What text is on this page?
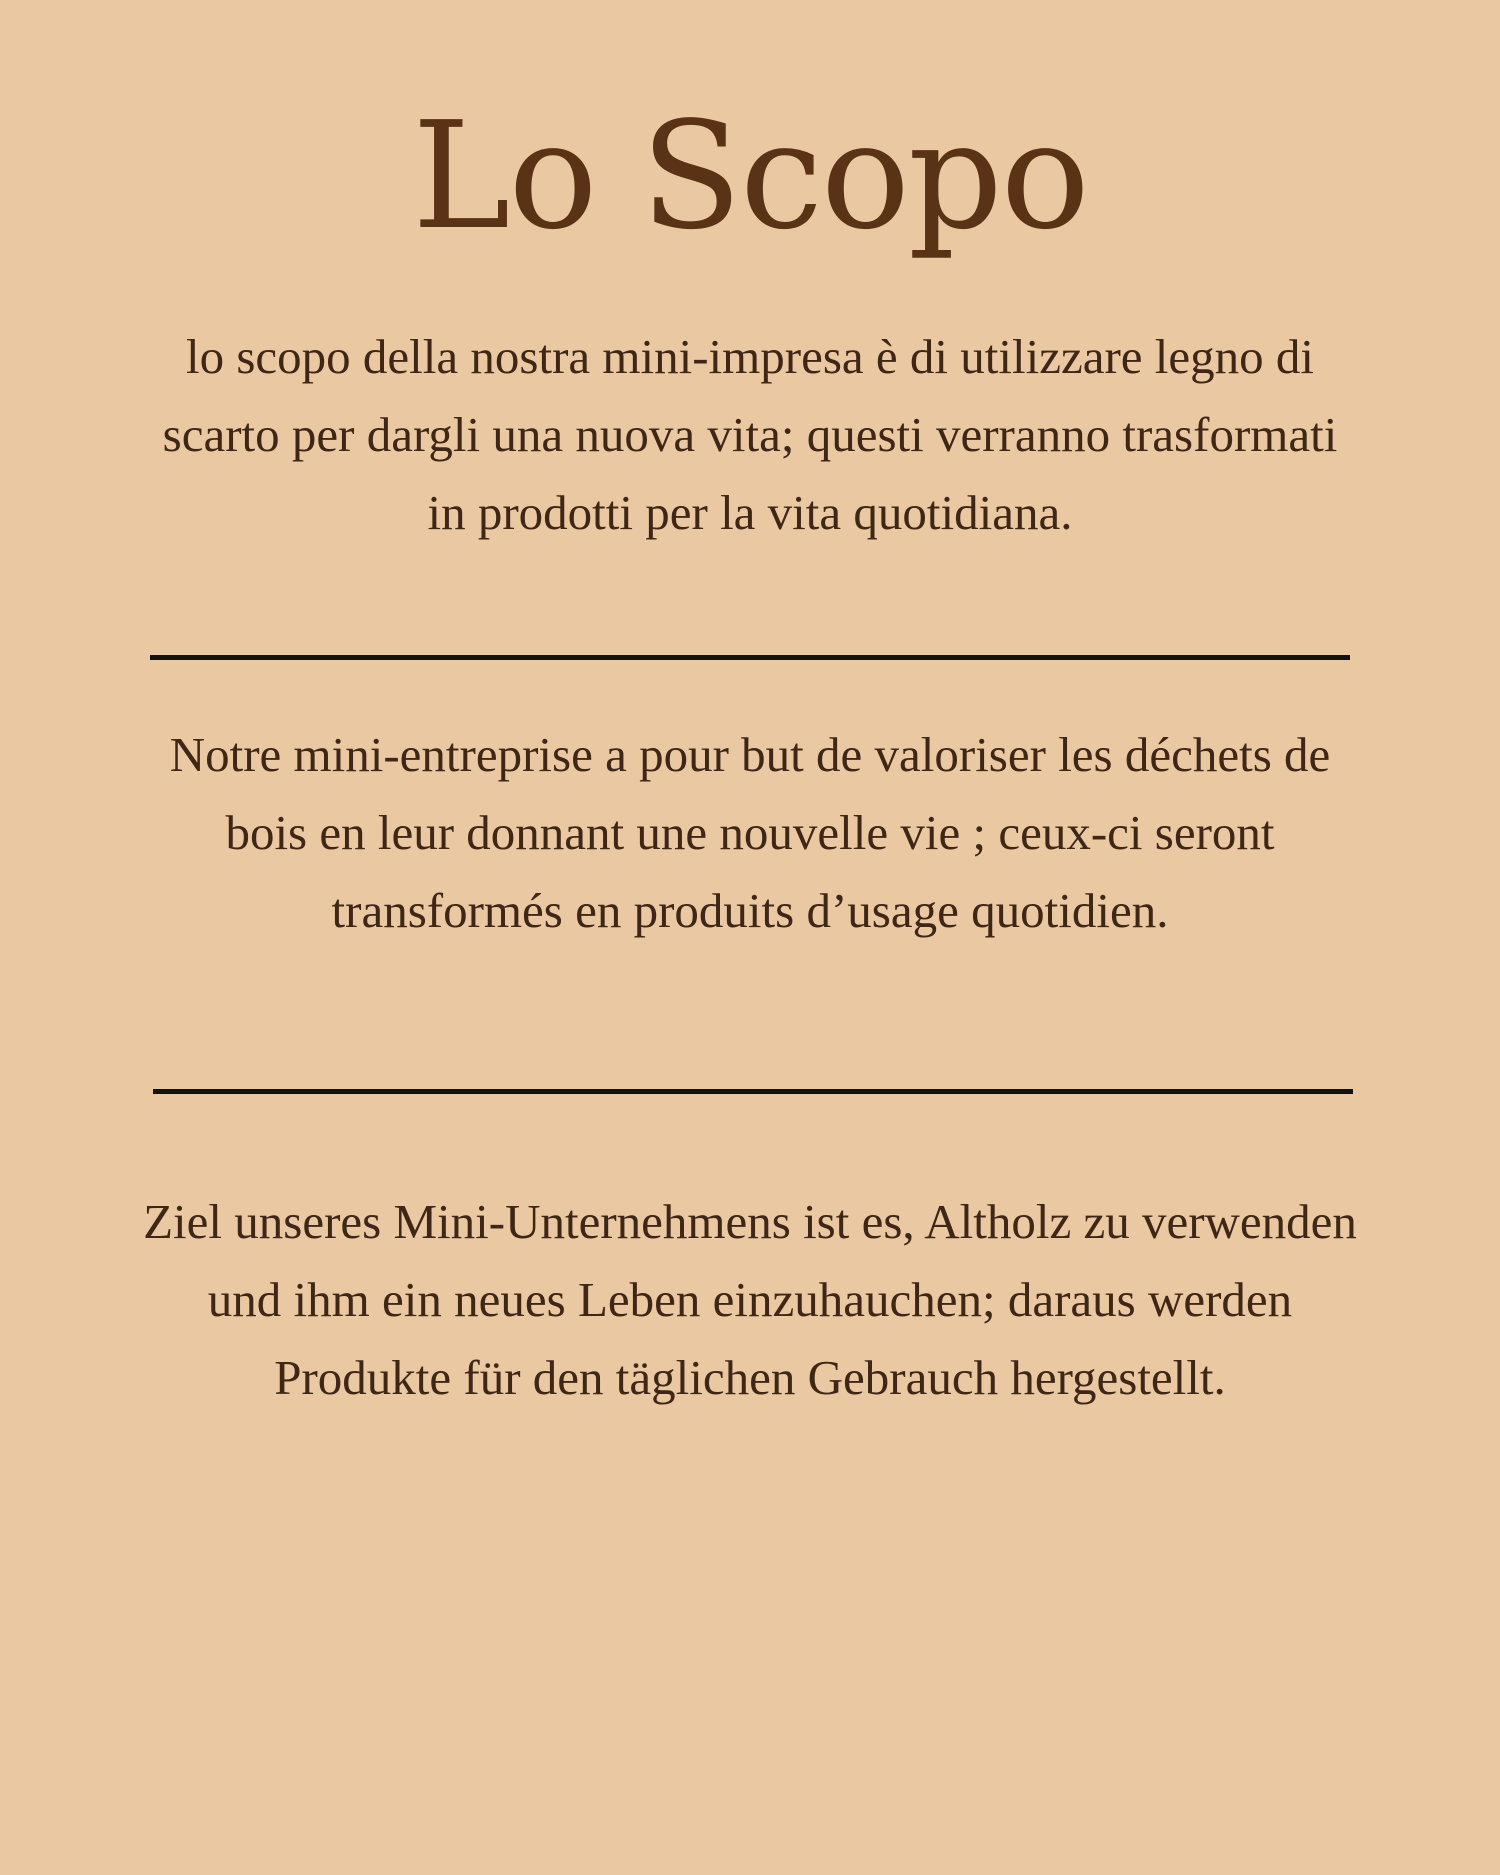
Lo Scopo

lo scopo della nostra mini-impresa è di utilizzare legno di scarto per dargli una nuova vita; questi verranno trasformati in prodotti per la vita quotidiana.

Notre mini-entreprise a pour but de valoriser les déchets de bois en leur donnant une nouvelle vie ; ceux-ci seront transformés en produits d’usage quotidien.

Ziel unseres Mini-Unternehmens ist es, Altholz zu verwenden und ihm ein neues Leben einzuhauchen; daraus werden Produkte für den täglichen Gebrauch hergestellt.
